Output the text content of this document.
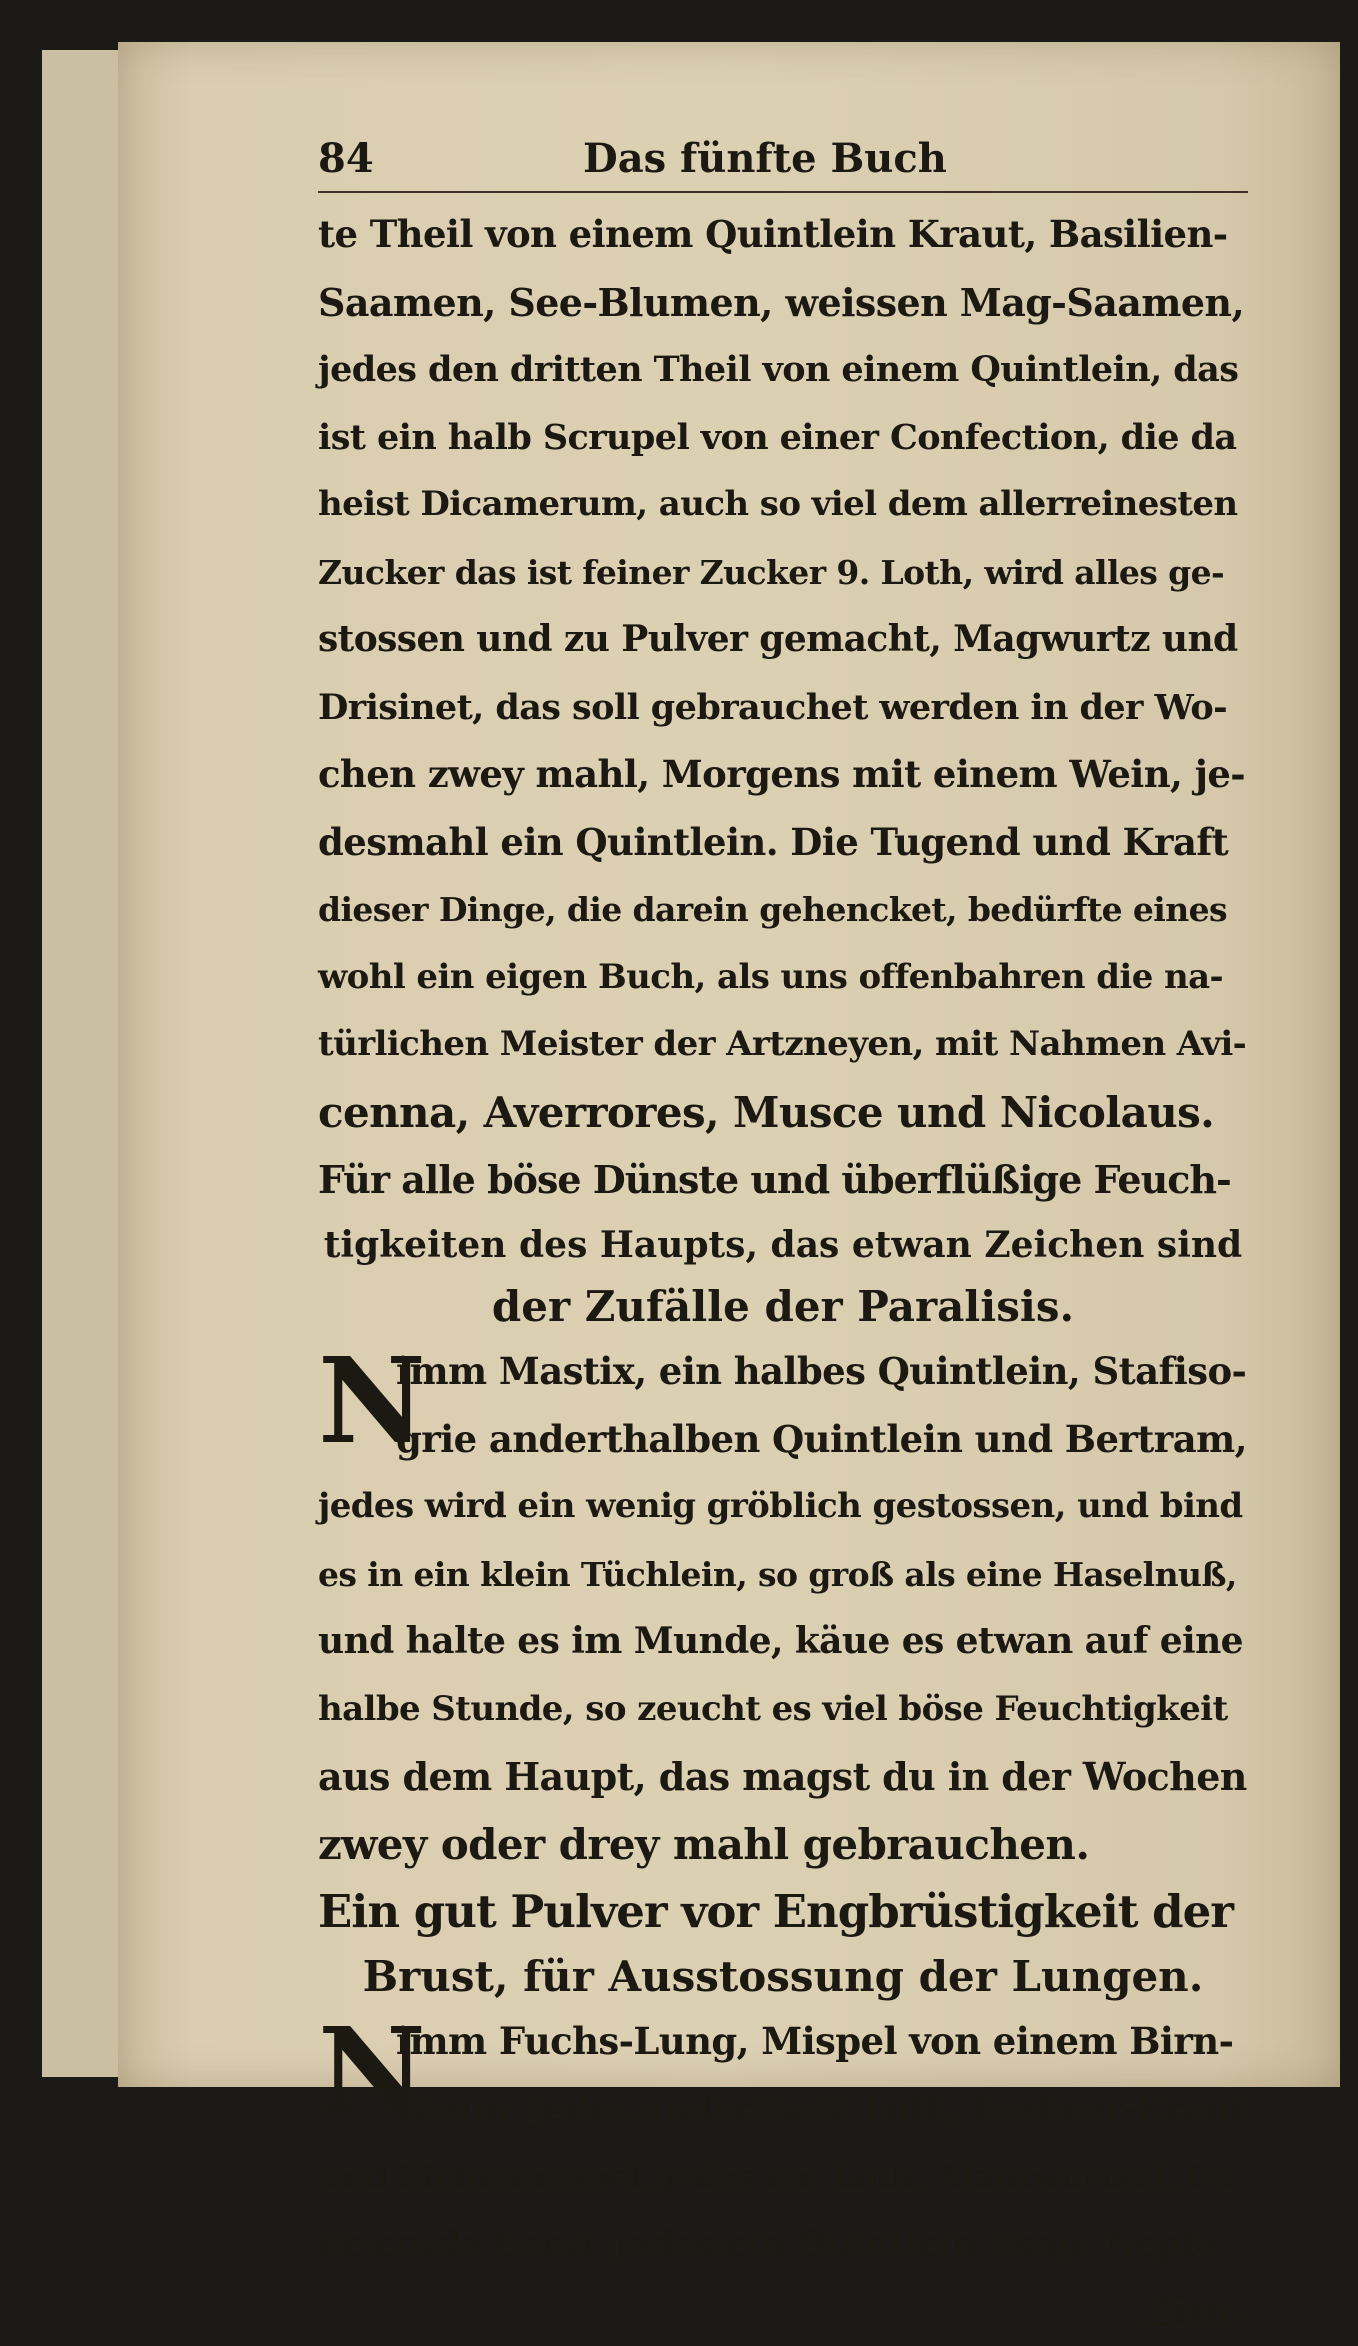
84	Das fünfte Buch
te Theil von einem Quintlein Kraut, Basilien-
Saamen, See-Blumen, weissen Mag-Saamen,
jedes den dritten Theil von einem Quintlein, das
ist ein halb Scrupel von einer Confection, die da
heist Dicamerum, auch so viel dem allerreinesten
Zucker das ist feiner Zucker 9. Loth, wird alles ge-
stossen und zu Pulver gemacht, Magwurtz und
Drisinet, das soll gebrauchet werden in der Wo-
chen zwey mahl, Morgens mit einem Wein, je-
desmahl ein Quintlein. Die Tugend und Kraft
dieser Dinge, die darein gehencket, bedürfte eines
wohl ein eigen Buch, als uns offenbahren die na-
türlichen Meister der Artzneyen, mit Nahmen Avi-
cenna, Averrores, Musce und Nicolaus.
Für alle böse Dünste und überflüßige Feuch-
tigkeiten des Haupts, das etwan Zeichen sind
der Zufälle der Paralisis.
N
imm Mastix, ein halbes Quintlein, Stafiso-
grie anderthalben Quintlein und Bertram,
jedes wird ein wenig gröblich gestossen, und bind
es in ein klein Tüchlein, so groß als eine Haselnuß,
und halte es im Munde, käue es etwan auf eine
halbe Stunde, so zeucht es viel böse Feuchtigkeit
aus dem Haupt, das magst du in der Wochen
zwey oder drey mahl gebrauchen.
Ein gut Pulver vor Engbrüstigkeit der
Brust, für Ausstossung der Lungen.
N
imm Fuchs-Lung, Mispel von einem Birn-
Baum, jedes anderthalb Loth, Lorbeer-Kraut
und Eichenmispel, jedes ein Loth, Alantwurtzel, Os
de corde Cervi, jedes ein Quintlein, Isop, Nepte,
Zim-
